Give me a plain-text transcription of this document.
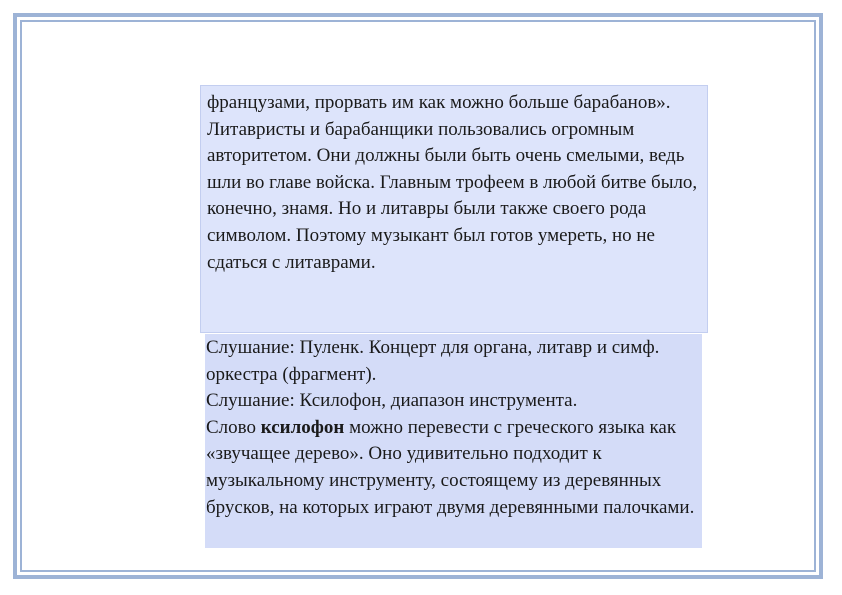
французами, прорвать им как можно больше барабанов».
Литавристы и барабанщики пользовались огромным авторитетом. Они должны были быть очень смелыми, ведь шли во главе войска. Главным трофеем в любой битве было, конечно, знамя. Но и литавры были также своего рода символом. Поэтому музыкант был готов умереть, но не сдаться с литаврами.
Слушание: Пуленк. Концерт для органа, литавр и симф. оркестра (фрагмент).
Слушание: Ксилофон, диапазон инструмента.
Слово ксилофон можно перевести с греческого языка как «звучащее дерево». Оно удивительно подходит к музыкальному инструменту, состоящему из деревянных брусков, на которых играют двумя деревянными палочками.
